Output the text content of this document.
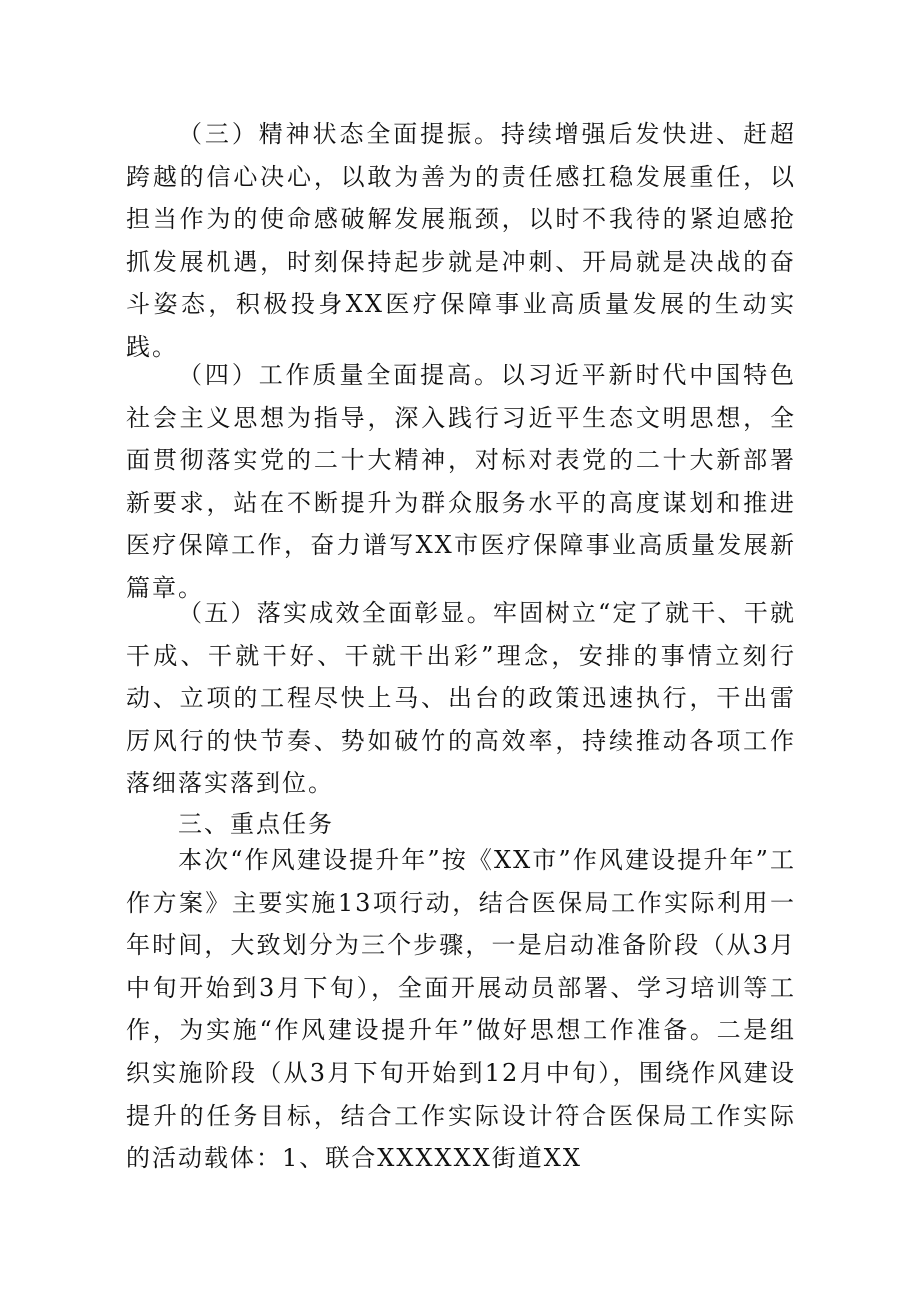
（三）精神状态全面提振。持续增强后发快进、赶超跨越的信心决心，以敢为善为的责任感扛稳发展重任，以担当作为的使命感破解发展瓶颈，以时不我待的紧迫感抢抓发展机遇，时刻保持起步就是冲刺、开局就是决战的奋斗姿态，积极投身XX医疗保障事业高质量发展的生动实践。

（四）工作质量全面提高。以习近平新时代中国特色社会主义思想为指导，深入践行习近平生态文明思想，全面贯彻落实党的二十大精神，对标对表党的二十大新部署新要求，站在不断提升为群众服务水平的高度谋划和推进医疗保障工作，奋力谱写XX市医疗保障事业高质量发展新篇章。

（五）落实成效全面彰显。牢固树立“定了就干、干就干成、干就干好、干就干出彩”理念，安排的事情立刻行动、立项的工程尽快上马、出台的政策迅速执行，干出雷厉风行的快节奏、势如破竹的高效率，持续推动各项工作落细落实落到位。

三、重点任务

本次“作风建设提升年”按《XX市”作风建设提升年”工作方案》主要实施13项行动，结合医保局工作实际利用一年时间，大致划分为三个步骤，一是启动准备阶段（从3月中旬开始到3月下旬），全面开展动员部署、学习培训等工作，为实施“作风建设提升年”做好思想工作准备。二是组织实施阶段（从3月下旬开始到12月中旬），围绕作风建设提升的任务目标，结合工作实际设计符合医保局工作实际的活动载体：1、联合XXXXXX街道XX
